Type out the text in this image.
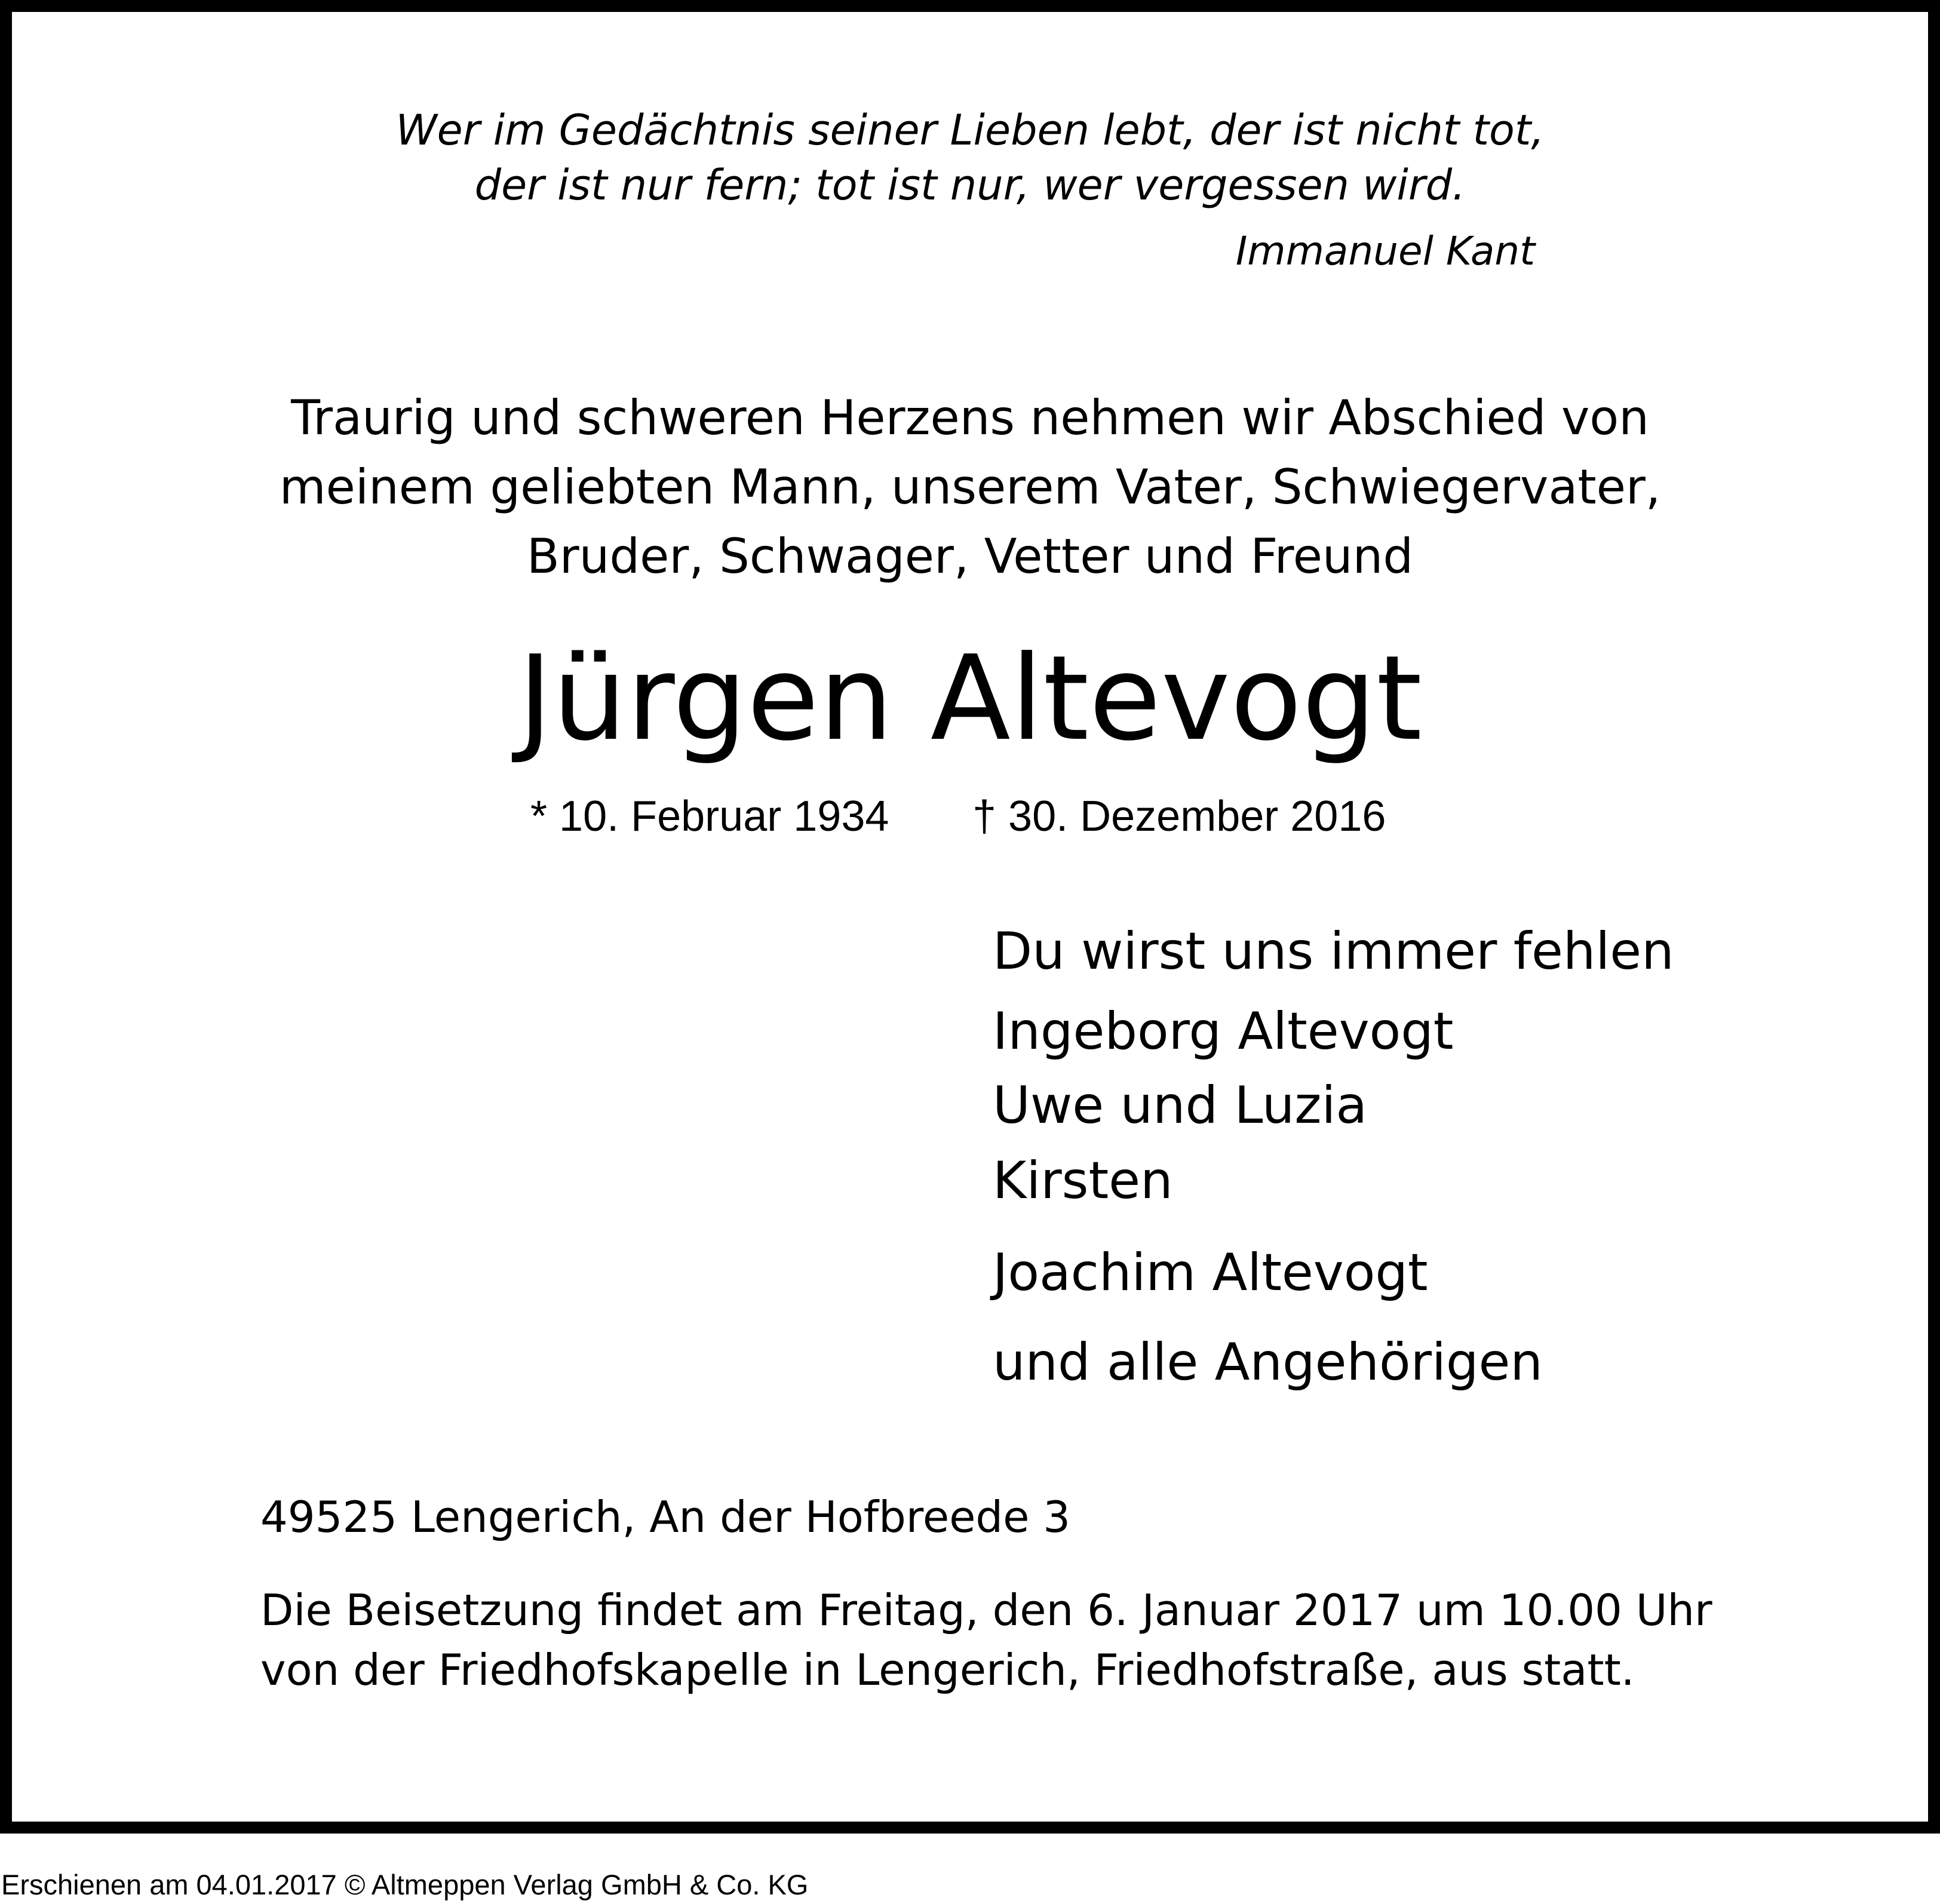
Wer im Gedächtnis seiner Lieben lebt, der ist nicht tot,
der ist nur fern; tot ist nur, wer vergessen wird.
Immanuel Kant
Traurig und schweren Herzens nehmen wir Abschied von
meinem geliebten Mann, unserem Vater, Schwiegervater,
Bruder, Schwager, Vetter und Freund
Jürgen Altevogt
* 10. Februar 1934 † 30. Dezember 2016
Du wirst uns immer fehlen
Ingeborg Altevogt
Uwe und Luzia
Kirsten
Joachim Altevogt
und alle Angehörigen
49525 Lengerich, An der Hofbreede 3
Die Beisetzung findet am Freitag, den 6. Januar 2017 um 10.00 Uhr
von der Friedhofskapelle in Lengerich, Friedhofstraße, aus statt.
Erschienen am 04.01.2017 © Altmeppen Verlag GmbH & Co. KG
